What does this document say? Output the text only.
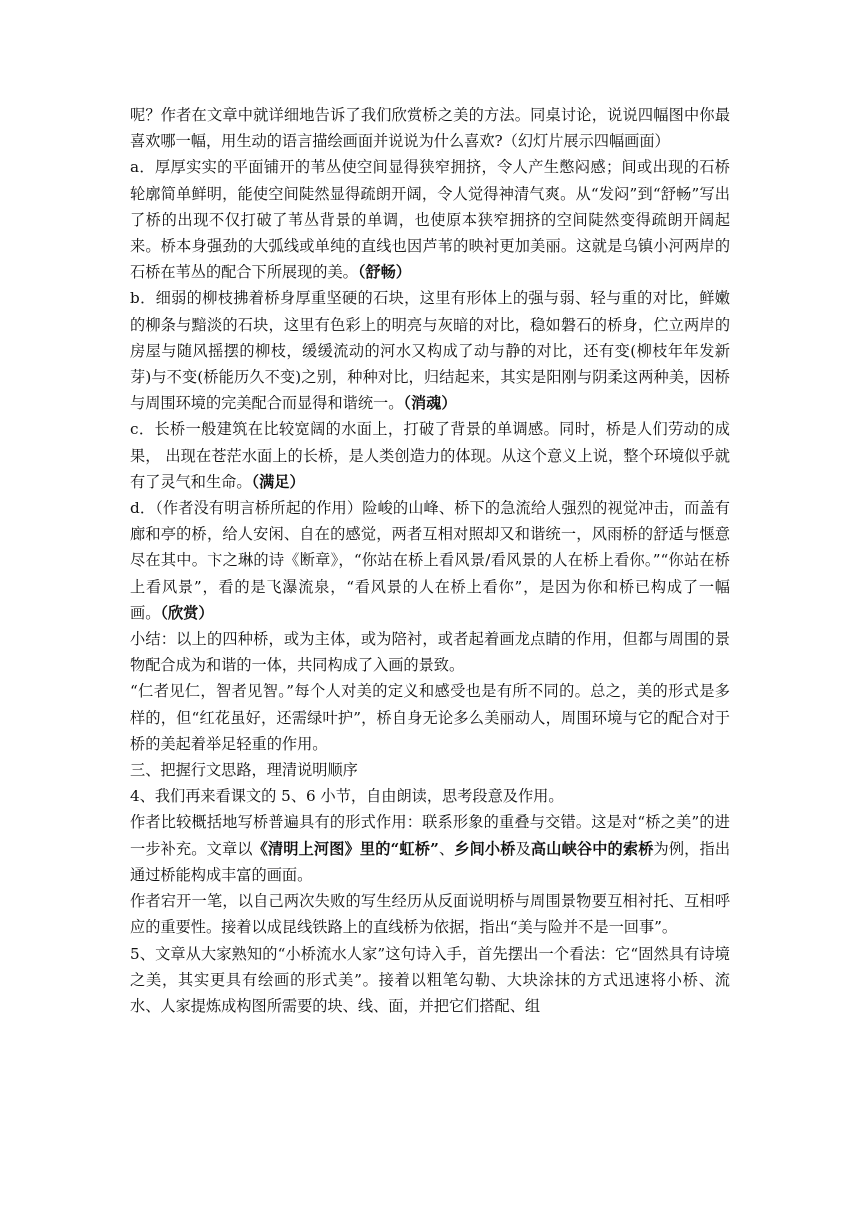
呢？作者在文章中就详细地告诉了我们欣赏桥之美的方法。同桌讨论，说说四幅图中你最喜欢哪一幅，用生动的语言描绘画面并说说为什么喜欢?（幻灯片展示四幅画面）

a．厚厚实实的平面铺开的苇丛使空间显得狭窄拥挤，令人产生憋闷感；间或出现的石桥轮廓简单鲜明，能使空间陡然显得疏朗开阔，令人觉得神清气爽。从“发闷”到“舒畅”写出了桥的出现不仅打破了苇丛背景的单调，也使原本狭窄拥挤的空间陡然变得疏朗开阔起来。桥本身强劲的大弧线或单纯的直线也因芦苇的映衬更加美丽。这就是乌镇小河两岸的石桥在苇丛的配合下所展现的美。（舒畅）

b．细弱的柳枝拂着桥身厚重坚硬的石块，这里有形体上的强与弱、轻与重的对比，鲜嫩的柳条与黯淡的石块，这里有色彩上的明亮与灰暗的对比，稳如磐石的桥身，伫立两岸的房屋与随风摇摆的柳枝，缓缓流动的河水又构成了动与静的对比，还有变(柳枝年年发新芽)与不变(桥能历久不变)之别，种种对比，归结起来，其实是阳刚与阴柔这两种美，因桥与周围环境的完美配合而显得和谐统一。（消魂）

c．长桥一般建筑在比较宽阔的水面上，打破了背景的单调感。同时，桥是人们劳动的成果， 出现在苍茫水面上的长桥，是人类创造力的体现。从这个意义上说，整个环境似乎就有了灵气和生命。（满足）

d．（作者没有明言桥所起的作用）险峻的山峰、桥下的急流给人强烈的视觉冲击，而盖有廊和亭的桥，给人安闲、自在的感觉，两者互相对照却又和谐统一，风雨桥的舒适与惬意尽在其中。卞之琳的诗《断章》，“你站在桥上看风景/看风景的人在桥上看你。”“你站在桥上看风景”，看的是飞瀑流泉，“看风景的人在桥上看你”，是因为你和桥已构成了一幅画。（欣赏）

小结：以上的四种桥，或为主体，或为陪衬，或者起着画龙点睛的作用，但都与周围的景物配合成为和谐的一体，共同构成了入画的景致。

“仁者见仁，智者见智。”每个人对美的定义和感受也是有所不同的。总之，美的形式是多样的，但“红花虽好，还需绿叶护”，桥自身无论多么美丽动人，周围环境与它的配合对于桥的美起着举足轻重的作用。

三、把握行文思路，理清说明顺序

4、我们再来看课文的 5、6 小节，自由朗读，思考段意及作用。

作者比较概括地写桥普遍具有的形式作用：联系形象的重叠与交错。这是对“桥之美”的进一步补充。文章以《清明上河图》里的“虹桥”、乡间小桥及高山峡谷中的索桥为例，指出通过桥能构成丰富的画面。

作者宕开一笔，以自己两次失败的写生经历从反面说明桥与周围景物要互相衬托、互相呼应的重要性。接着以成昆线铁路上的直线桥为依据，指出“美与险并不是一回事”。

5、文章从大家熟知的“小桥流水人家”这句诗入手，首先摆出一个看法：它“固然具有诗境之美，其实更具有绘画的形式美”。接着以粗笔勾勒、大块涂抹的方式迅速将小桥、流水、人家提炼成构图所需要的块、线、面，并把它们搭配、组
